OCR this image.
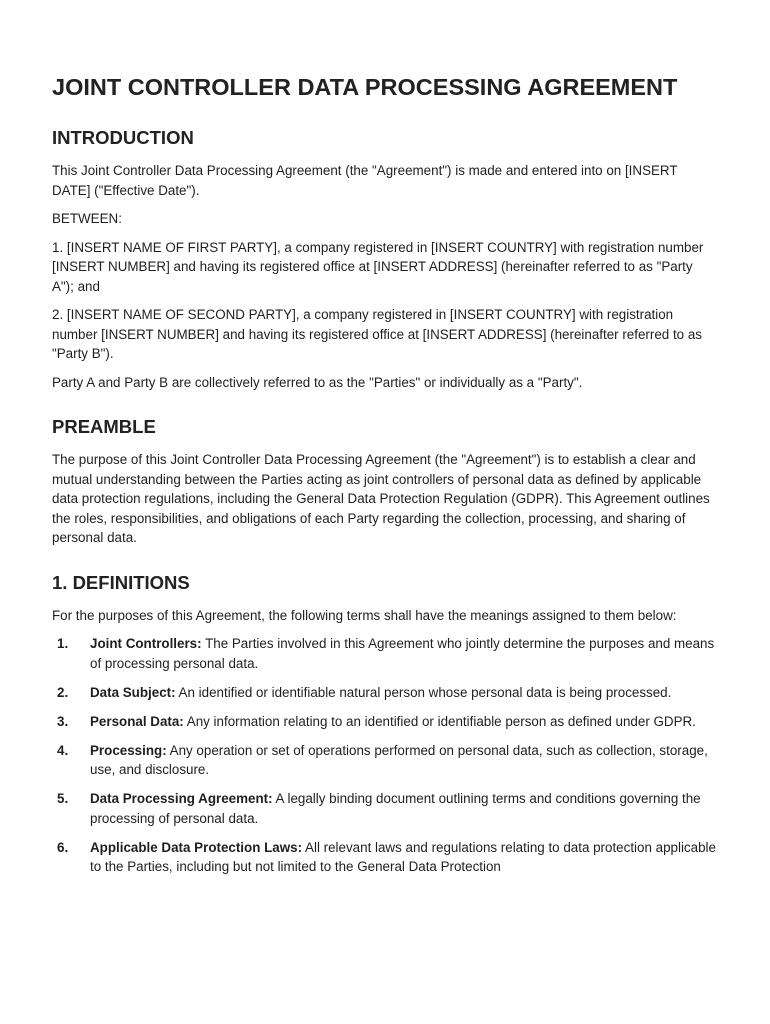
JOINT CONTROLLER DATA PROCESSING AGREEMENT
INTRODUCTION

This Joint Controller Data Processing Agreement (the "Agreement") is made and entered into on [INSERT DATE] ("Effective Date").

BETWEEN:

1. [INSERT NAME OF FIRST PARTY], a company registered in [INSERT COUNTRY] with registration number [INSERT NUMBER] and having its registered office at [INSERT ADDRESS] (hereinafter referred to as "Party A"); and

2. [INSERT NAME OF SECOND PARTY], a company registered in [INSERT COUNTRY] with registration number [INSERT NUMBER] and having its registered office at [INSERT ADDRESS] (hereinafter referred to as "Party B").

Party A and Party B are collectively referred to as the "Parties" or individually as a "Party".

PREAMBLE

The purpose of this Joint Controller Data Processing Agreement (the "Agreement") is to establish a clear and mutual understanding between the Parties acting as joint controllers of personal data as defined by applicable data protection regulations, including the General Data Protection Regulation (GDPR). This Agreement outlines the roles, responsibilities, and obligations of each Party regarding the collection, processing, and sharing of personal data.

1. DEFINITIONS

For the purposes of this Agreement, the following terms shall have the meanings assigned to them below:

1. Joint Controllers: The Parties involved in this Agreement who jointly determine the purposes and means of processing personal data.
2. Data Subject: An identified or identifiable natural person whose personal data is being processed.
3. Personal Data: Any information relating to an identified or identifiable person as defined under GDPR.
4. Processing: Any operation or set of operations performed on personal data, such as collection, storage, use, and disclosure.
5. Data Processing Agreement: A legally binding document outlining terms and conditions governing the processing of personal data.
6. Applicable Data Protection Laws: All relevant laws and regulations relating to data protection applicable to the Parties, including but not limited to the General Data Protection
